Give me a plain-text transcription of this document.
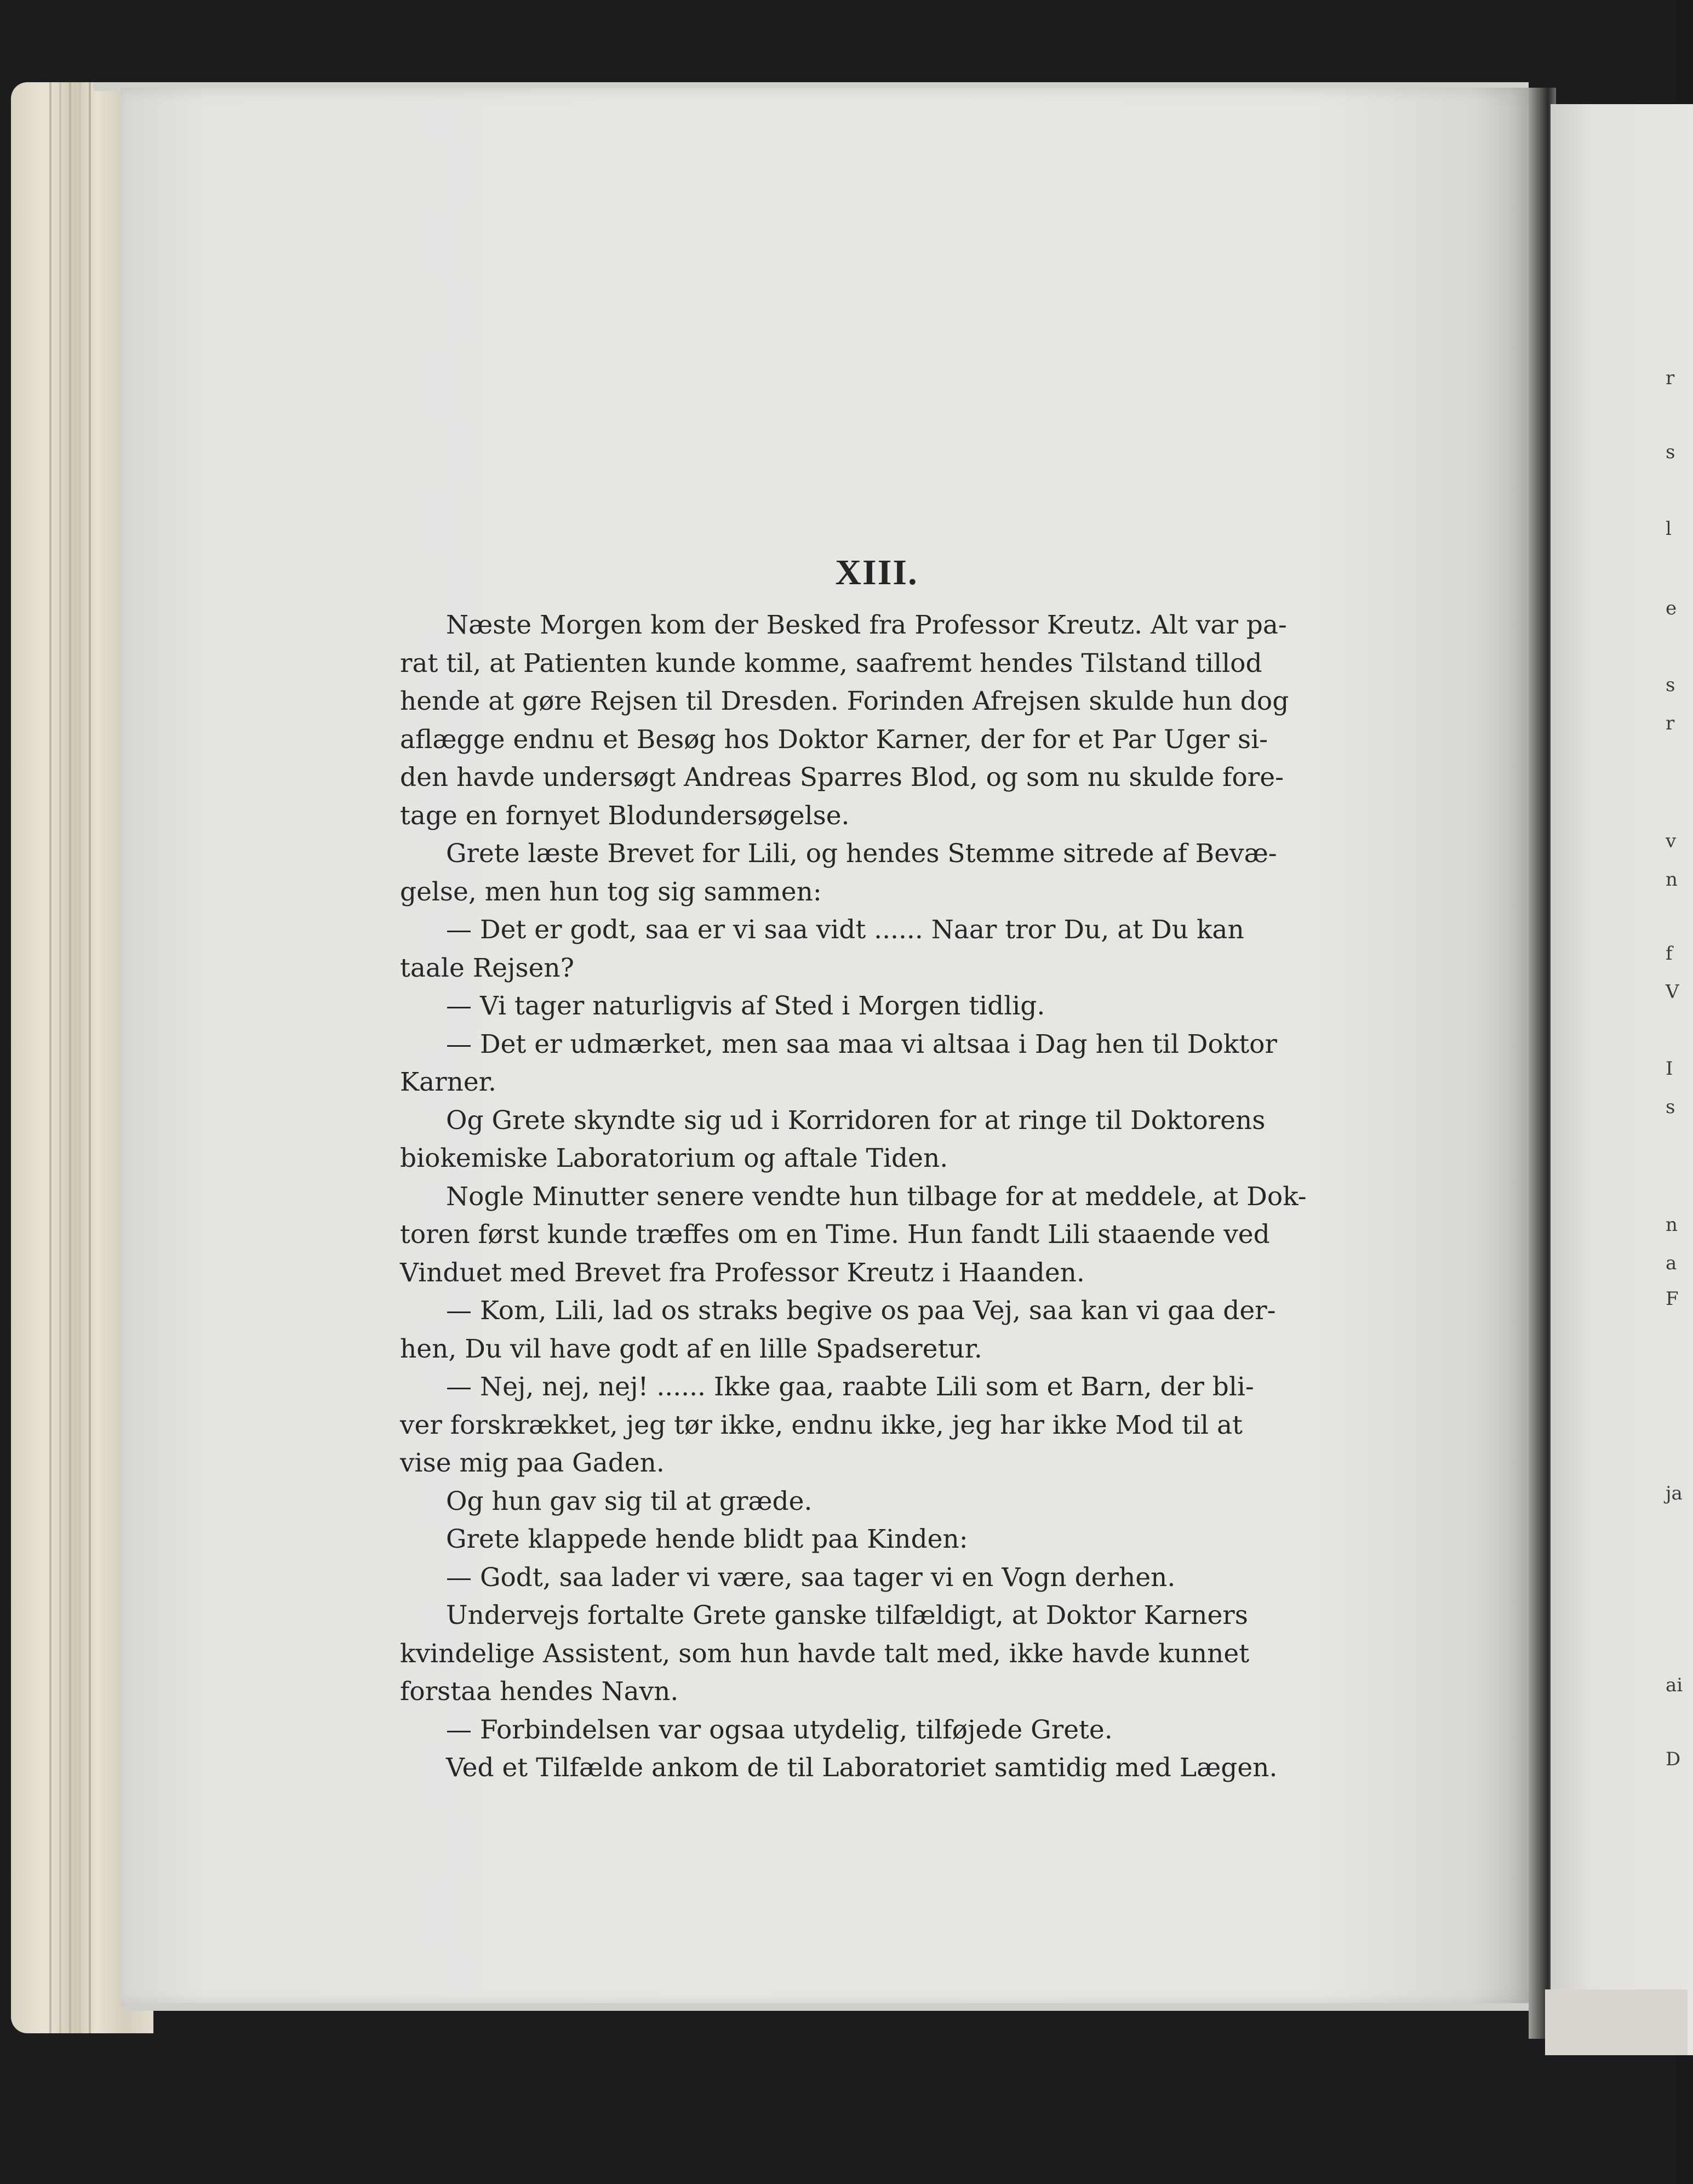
r
s
l
e
s
r
v
n
f
V
I
s
n
a
F
ja
ai
D
XIII.

Næste Morgen kom der Besked fra Professor Kreutz. Alt var pa-
rat til, at Patienten kunde komme, saafremt hendes Tilstand tillod
hende at gøre Rejsen til Dresden. Forinden Afrejsen skulde hun dog
aflægge endnu et Besøg hos Doktor Karner, der for et Par Uger si-
den havde undersøgt Andreas Sparres Blod, og som nu skulde fore-
tage en fornyet Blodundersøgelse.

Grete læste Brevet for Lili, og hendes Stemme sitrede af Bevæ-
gelse, men hun tog sig sammen:

— Det er godt, saa er vi saa vidt ...... Naar tror Du, at Du kan
taale Rejsen?

— Vi tager naturligvis af Sted i Morgen tidlig.

— Det er udmærket, men saa maa vi altsaa i Dag hen til Doktor
Karner.

Og Grete skyndte sig ud i Korridoren for at ringe til Doktorens
biokemiske Laboratorium og aftale Tiden.

Nogle Minutter senere vendte hun tilbage for at meddele, at Dok-
toren først kunde træffes om en Time. Hun fandt Lili staaende ved
Vinduet med Brevet fra Professor Kreutz i Haanden.

— Kom, Lili, lad os straks begive os paa Vej, saa kan vi gaa der-
hen, Du vil have godt af en lille Spadseretur.

— Nej, nej, nej! ...... Ikke gaa, raabte Lili som et Barn, der bli-
ver forskrækket, jeg tør ikke, endnu ikke, jeg har ikke Mod til at
vise mig paa Gaden.

Og hun gav sig til at græde.

Grete klappede hende blidt paa Kinden:

— Godt, saa lader vi være, saa tager vi en Vogn derhen.

Undervejs fortalte Grete ganske tilfældigt, at Doktor Karners
kvindelige Assistent, som hun havde talt med, ikke havde kunnet
forstaa hendes Navn.

— Forbindelsen var ogsaa utydelig, tilføjede Grete.

Ved et Tilfælde ankom de til Laboratoriet samtidig med Lægen.
